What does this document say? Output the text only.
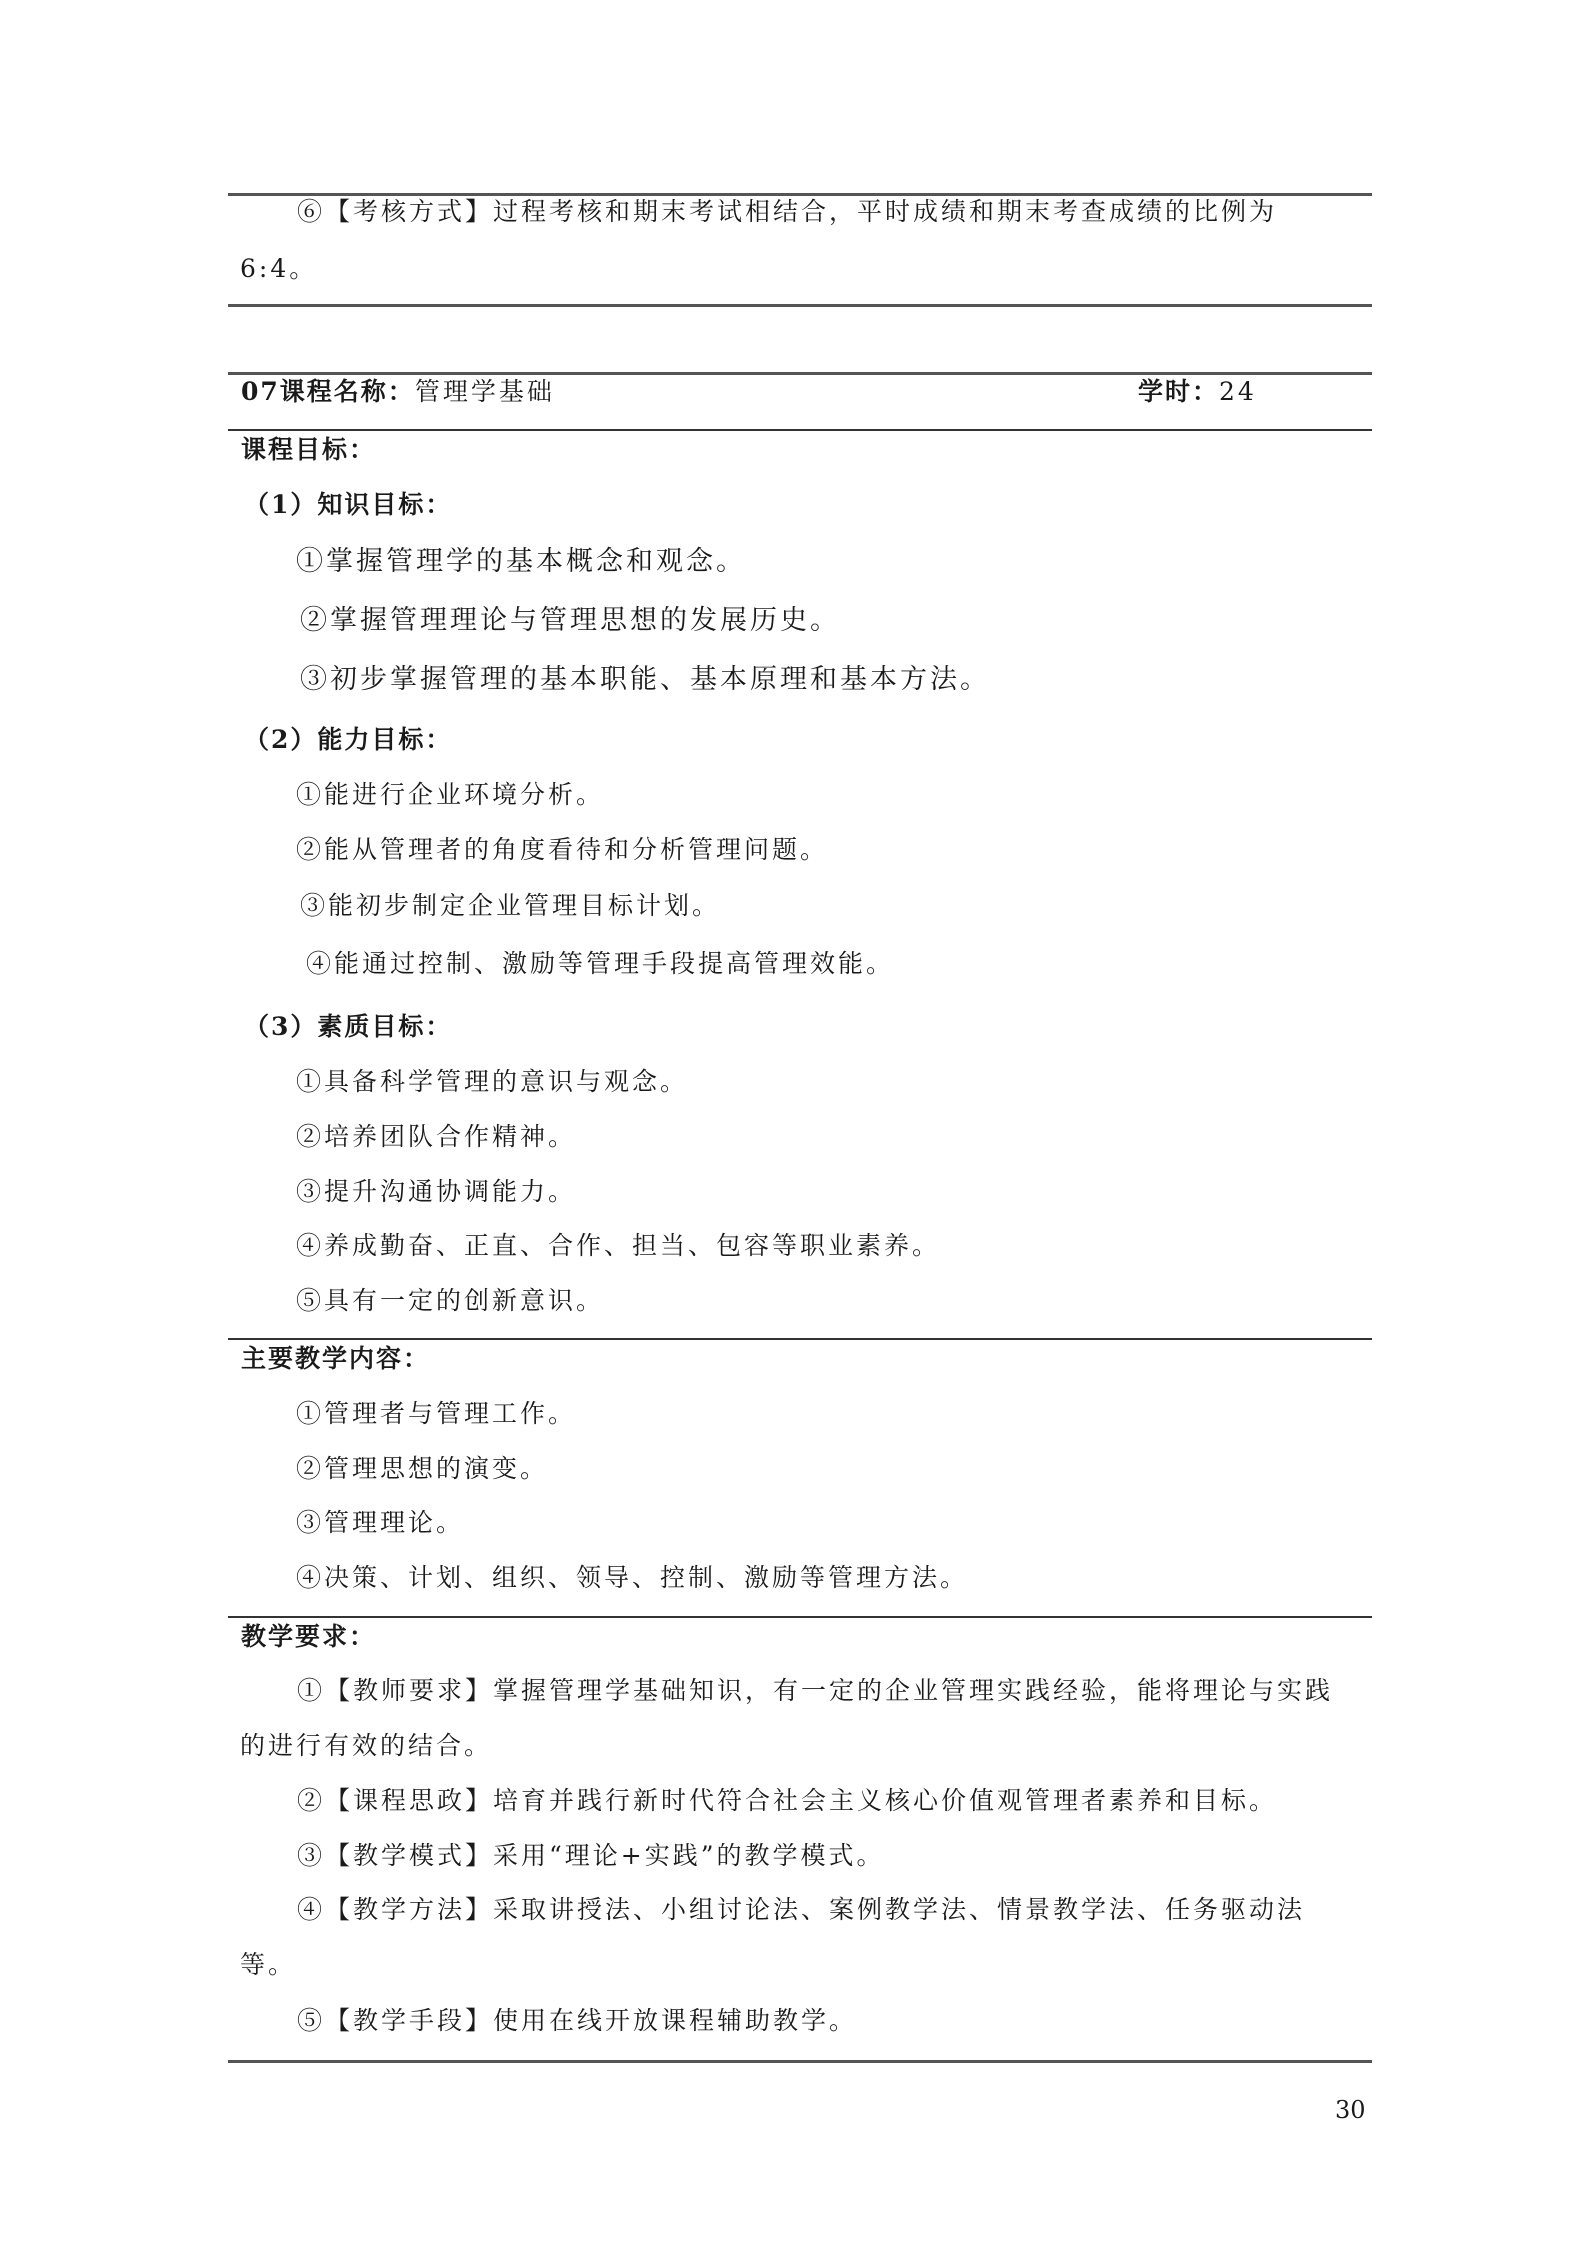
⑥【考核方式】过程考核和期末考试相结合，平时成绩和期末考查成绩的比例为
6:4。
07课程名称：管理学基础	学时：24
课程目标：
（1）知识目标：
①掌握管理学的基本概念和观念。
②掌握管理理论与管理思想的发展历史。
③初步掌握管理的基本职能、基本原理和基本方法。
（2）能力目标：
①能进行企业环境分析。
②能从管理者的角度看待和分析管理问题。
③能初步制定企业管理目标计划。
④能通过控制、激励等管理手段提高管理效能。
（3）素质目标：
①具备科学管理的意识与观念。
②培养团队合作精神。
③提升沟通协调能力。
④养成勤奋、正直、合作、担当、包容等职业素养。
⑤具有一定的创新意识。
主要教学内容：
①管理者与管理工作。
②管理思想的演变。
③管理理论。
④决策、计划、组织、领导、控制、激励等管理方法。
教学要求：
①【教师要求】掌握管理学基础知识，有一定的企业管理实践经验，能将理论与实践
的进行有效的结合。
②【课程思政】培育并践行新时代符合社会主义核心价值观管理者素养和目标。
③【教学模式】采用“理论+实践”的教学模式。
④【教学方法】采取讲授法、小组讨论法、案例教学法、情景教学法、任务驱动法
等。
⑤【教学手段】使用在线开放课程辅助教学。
30
